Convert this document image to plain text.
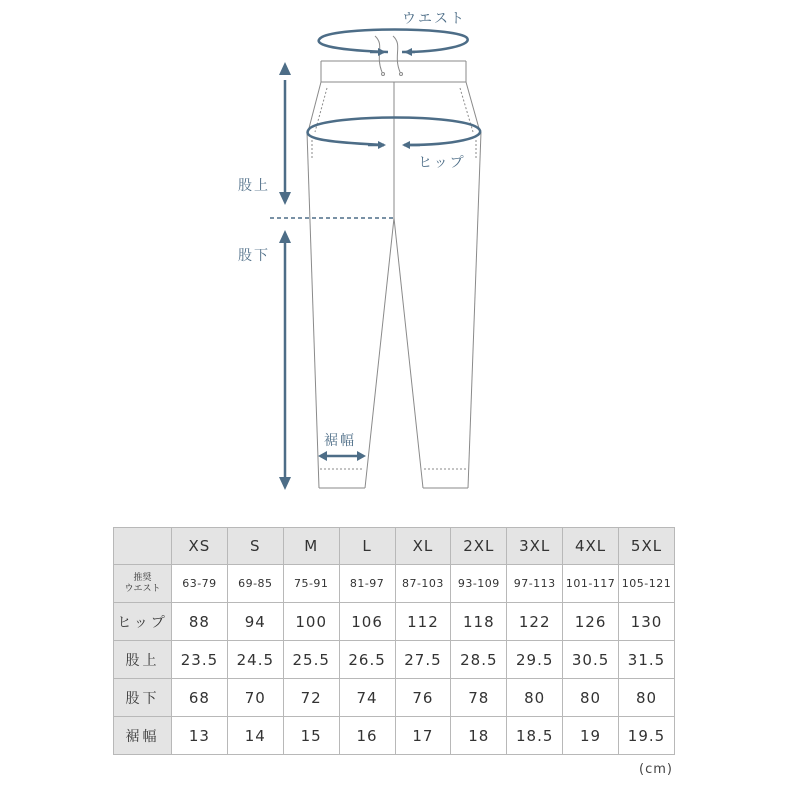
ウエスト
ヒップ
股上
股下
裾幅
	XS	S	M	L	XL	2XL	3XL	4XL	5XL
推奨
ウエスト	63-79	69-85	75-91	81-97	87-103	93-109	97-113	101-117	105-121
ヒップ	88	94	100	106	112	118	122	126	130
股上	23.5	24.5	25.5	26.5	27.5	28.5	29.5	30.5	31.5
股下	68	70	72	74	76	78	80	80	80
裾幅	13	14	15	16	17	18	18.5	19	19.5
(cm)
